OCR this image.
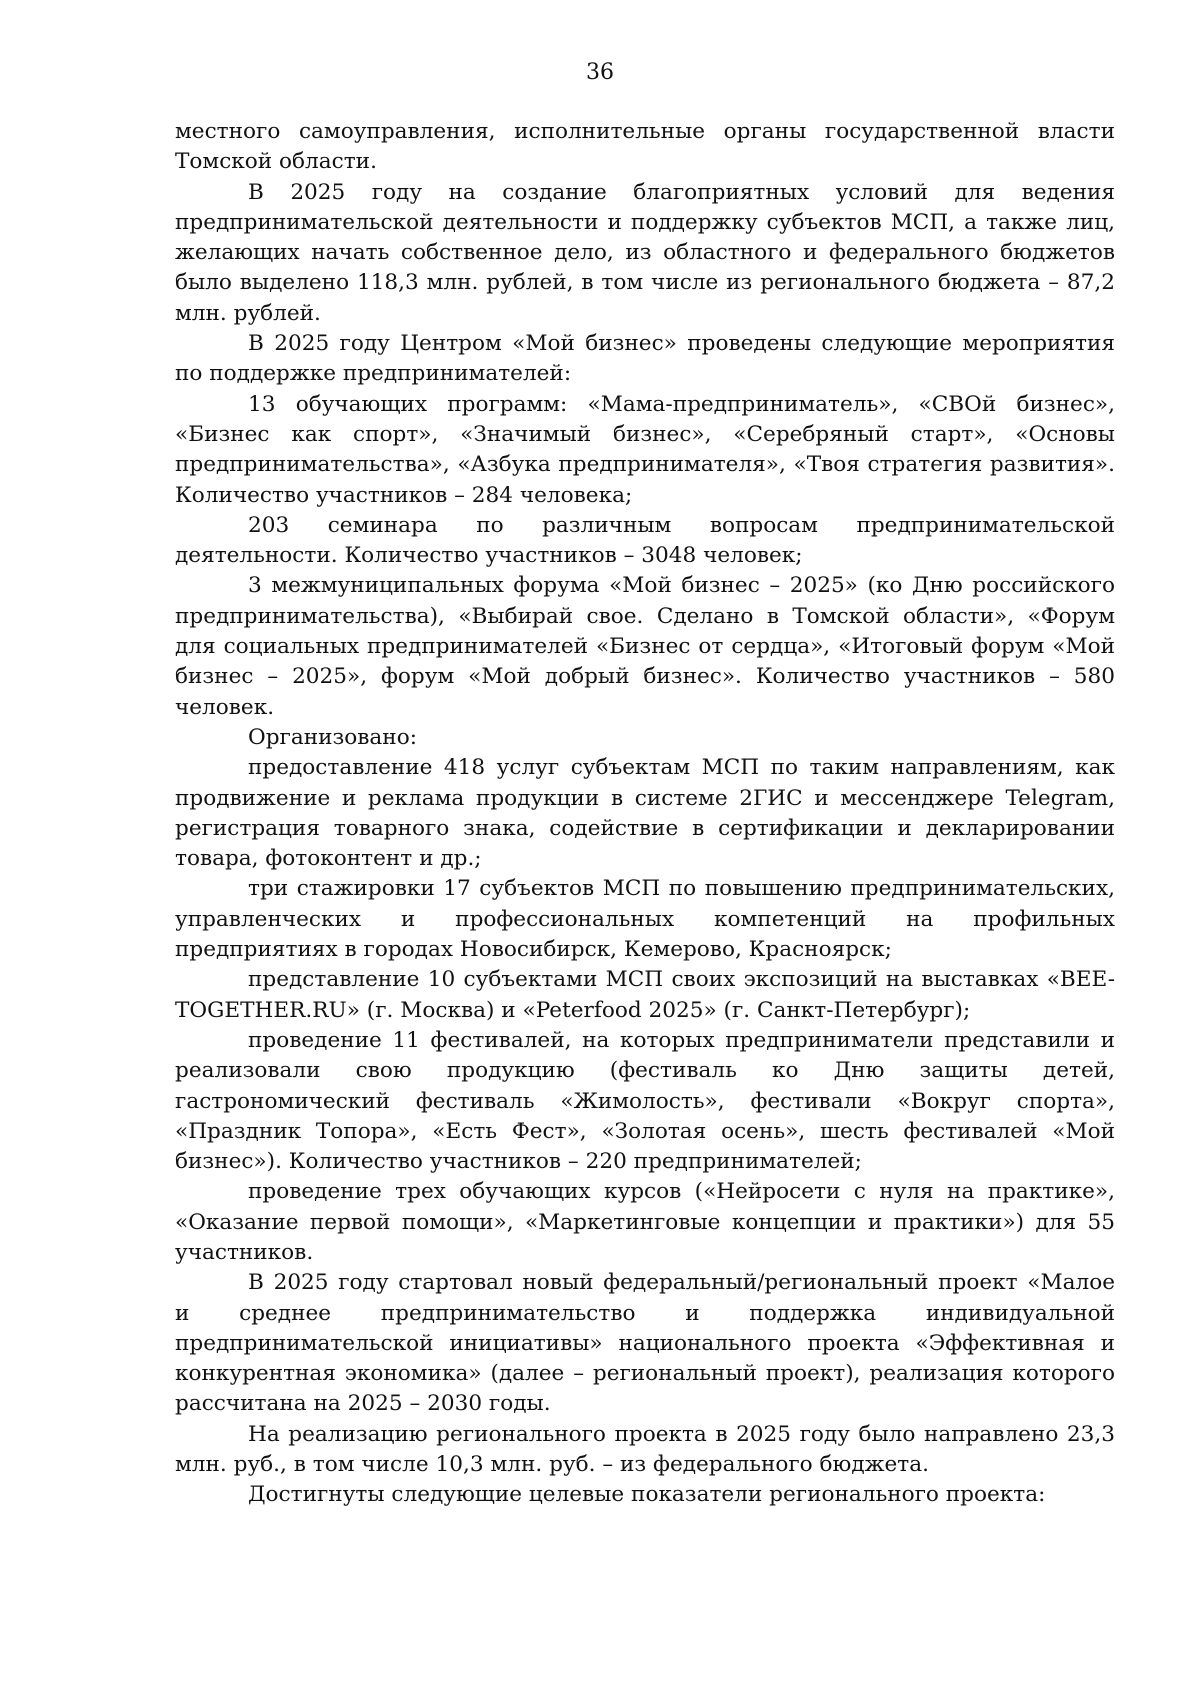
36

местного самоуправления, исполнительные органы государственной власти Томской области.

В 2025 году на создание благоприятных условий для ведения предпринимательской деятельности и поддержку субъектов МСП, а также лиц, желающих начать собственное дело, из областного и федерального бюджетов было выделено 118,3 млн. рублей, в том числе из регионального бюджета – 87,2 млн. рублей.

В 2025 году Центром «Мой бизнес» проведены следующие мероприятия по поддержке предпринимателей:

13 обучающих программ: «Мама-предприниматель», «СВОй бизнес», «Бизнес как спорт», «Значимый бизнес», «Серебряный старт», «Основы предпринимательства», «Азбука предпринимателя», «Твоя стратегия развития». Количество участников – 284 человека;

203 семинара по различным вопросам предпринимательской деятельности. Количество участников – 3048 человек;

3 межмуниципальных форума «Мой бизнес – 2025» (ко Дню российского предпринимательства), «Выбирай свое. Сделано в Томской области», «Форум для социальных предпринимателей «Бизнес от сердца», «Итоговый форум «Мой бизнес – 2025», форум «Мой добрый бизнес». Количество участников – 580 человек.

Организовано:

предоставление 418 услуг субъектам МСП по таким направлениям, как продвижение и реклама продукции в системе 2ГИС и мессенджере Telegram, регистрация товарного знака, содействие в сертификации и декларировании товара, фотоконтент и др.;

три стажировки 17 субъектов МСП по повышению предпринимательских, управленческих и профессиональных компетенций на профильных предприятиях в городах Новосибирск, Кемерово, Красноярск;

представление 10 субъектами МСП своих экспозиций на выставках «BEE-TOGETHER.RU» (г. Москва) и «Peterfood 2025» (г. Санкт-Петербург);

проведение 11 фестивалей, на которых предприниматели представили и реализовали свою продукцию (фестиваль ко Дню защиты детей, гастрономический фестиваль «Жимолость», фестивали «Вокруг спорта», «Праздник Топора», «Есть Фест», «Золотая осень», шесть фестивалей «Мой бизнес»). Количество участников – 220 предпринимателей;

проведение трех обучающих курсов («Нейросети с нуля на практике», «Оказание первой помощи», «Маркетинговые концепции и практики») для 55 участников.

В 2025 году стартовал новый федеральный/региональный проект «Малое и среднее предпринимательство и поддержка индивидуальной предпринимательской инициативы» национального проекта «Эффективная и конкурентная экономика» (далее – региональный проект), реализация которого рассчитана на 2025 – 2030 годы.

На реализацию регионального проекта в 2025 году было направлено 23,3 млн. руб., в том числе 10,3 млн. руб. – из федерального бюджета.

Достигнуты следующие целевые показатели регионального проекта:
